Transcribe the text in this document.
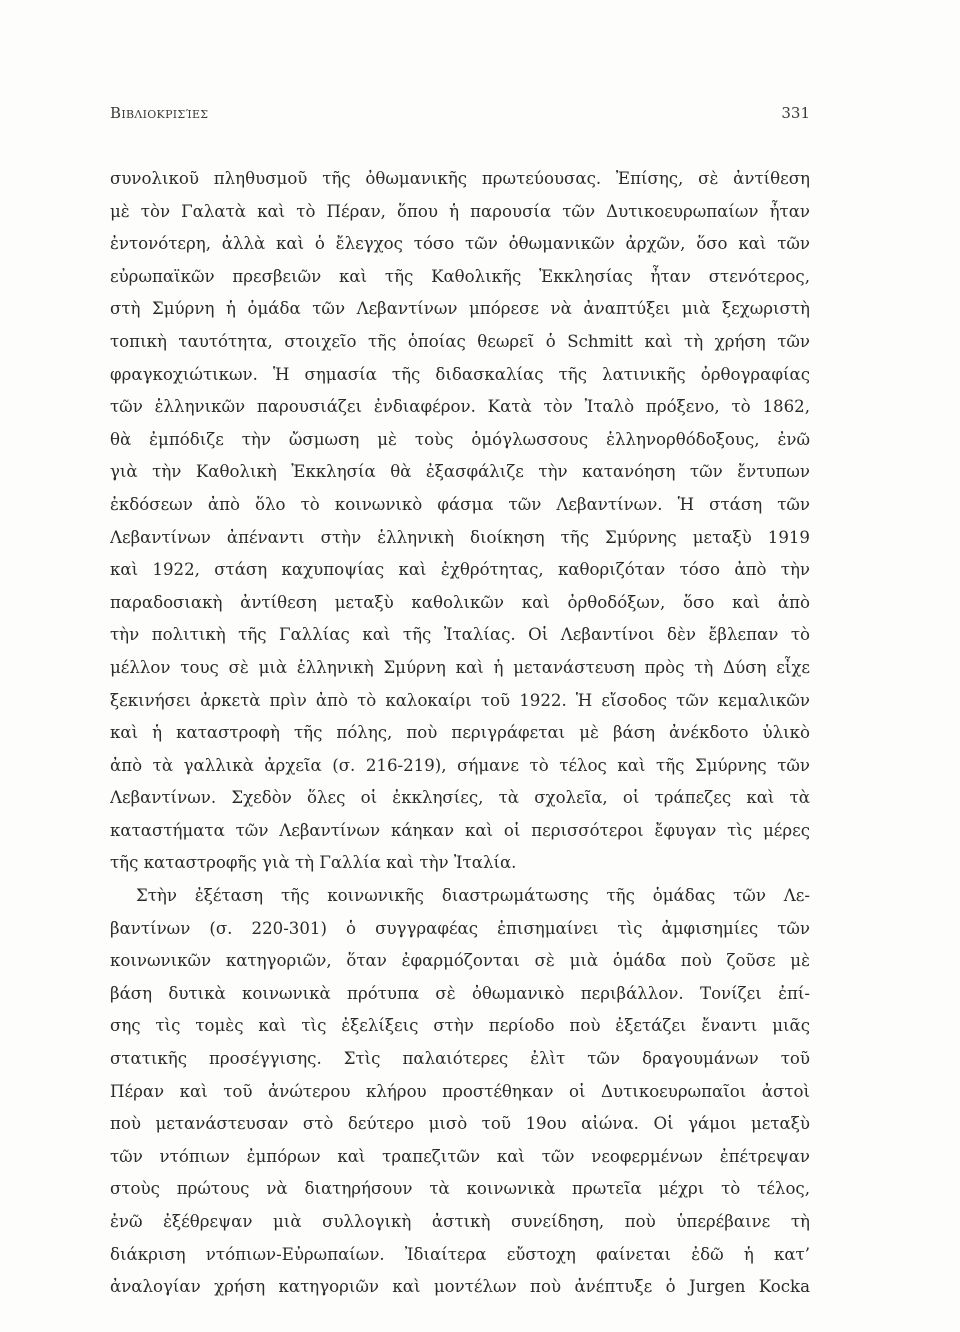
Βιβλιοκρισίες	331
συνολικοῦ πληθυσμοῦ τῆς ὀθωμανικῆς πρωτεύουσας. Ἐπίσης, σὲ ἀντίθεση
μὲ τὸν Γαλατὰ καὶ τὸ Πέραν, ὅπου ἡ παρουσία τῶν Δυτικοευρωπαίων ἦταν
ἐντονότερη, ἀλλὰ καὶ ὁ ἔλεγχος τόσο τῶν ὀθωμανικῶν ἀρχῶν, ὅσο καὶ τῶν
εὐρωπαϊκῶν πρεσβειῶν καὶ τῆς Καθολικῆς Ἐκκλησίας ἦταν στενότερος,
στὴ Σμύρνη ἡ ὁμάδα τῶν Λεβαντίνων μπόρεσε νὰ ἀναπτύξει μιὰ ξεχωριστὴ
τοπικὴ ταυτότητα, στοιχεῖο τῆς ὁποίας θεωρεῖ ὁ Schmitt καὶ τὴ χρήση τῶν
φραγκοχιώτικων. Ἡ σημασία τῆς διδασκαλίας τῆς λατινικῆς ὀρθογραφίας
τῶν ἑλληνικῶν παρουσιάζει ἐνδιαφέρον. Κατὰ τὸν Ἰταλὸ πρόξενο, τὸ 1862,
θὰ ἐμπόδιζε τὴν ὤσμωση μὲ τοὺς ὁμόγλωσσους ἑλληνορθόδοξους, ἐνῶ
γιὰ τὴν Καθολικὴ Ἐκκλησία θὰ ἐξασφάλιζε τὴν κατανόηση τῶν ἔντυπων
ἐκδόσεων ἀπὸ ὅλο τὸ κοινωνικὸ φάσμα τῶν Λεβαντίνων. Ἡ στάση τῶν
Λεβαντίνων ἀπέναντι στὴν ἑλληνικὴ διοίκηση τῆς Σμύρνης μεταξὺ 1919
καὶ 1922, στάση καχυποψίας καὶ ἐχθρότητας, καθοριζόταν τόσο ἀπὸ τὴν
παραδοσιακὴ ἀντίθεση μεταξὺ καθολικῶν καὶ ὀρθοδόξων, ὅσο καὶ ἀπὸ
τὴν πολιτικὴ τῆς Γαλλίας καὶ τῆς Ἰταλίας. Οἱ Λεβαντίνοι δὲν ἔβλεπαν τὸ
μέλλον τους σὲ μιὰ ἑλληνικὴ Σμύρνη καὶ ἡ μετανάστευση πρὸς τὴ Δύση εἶχε
ξεκινήσει ἀρκετὰ πρὶν ἀπὸ τὸ καλοκαίρι τοῦ 1922. Ἡ εἴσοδος τῶν κεμαλικῶν
καὶ ἡ καταστροφὴ τῆς πόλης, ποὺ περιγράφεται μὲ βάση ἀνέκδοτο ὑλικὸ
ἀπὸ τὰ γαλλικὰ ἀρχεῖα (σ. 216-219), σήμανε τὸ τέλος καὶ τῆς Σμύρνης τῶν
Λεβαντίνων. Σχεδὸν ὅλες οἱ ἐκκλησίες, τὰ σχολεῖα, οἱ τράπεζες καὶ τὰ
καταστήματα τῶν Λεβαντίνων κάηκαν καὶ οἱ περισσότεροι ἔφυγαν τὶς μέρες
τῆς καταστροφῆς γιὰ τὴ Γαλλία καὶ τὴν Ἰταλία.
Στὴν ἐξέταση τῆς κοινωνικῆς διαστρωμάτωσης τῆς ὁμάδας τῶν Λε-
βαντίνων (σ. 220-301) ὁ συγγραφέας ἐπισημαίνει τὶς ἀμφισημίες τῶν
κοινωνικῶν κατηγοριῶν, ὅταν ἐφαρμόζονται σὲ μιὰ ὁμάδα ποὺ ζοῦσε μὲ
βάση δυτικὰ κοινωνικὰ πρότυπα σὲ ὀθωμανικὸ περιβάλλον. Τονίζει ἐπί-
σης τὶς τομὲς καὶ τὶς ἐξελίξεις στὴν περίοδο ποὺ ἐξετάζει ἔναντι μιᾶς
στατικῆς προσέγγισης. Στὶς παλαιότερες ἐλὶτ τῶν δραγουμάνων τοῦ
Πέραν καὶ τοῦ ἀνώτερου κλήρου προστέθηκαν οἱ Δυτικοευρωπαῖοι ἀστοὶ
ποὺ μετανάστευσαν στὸ δεύτερο μισὸ τοῦ 19ου αἰώνα. Οἱ γάμοι μεταξὺ
τῶν ντόπιων ἐμπόρων καὶ τραπεζιτῶν καὶ τῶν νεοφερμένων ἐπέτρεψαν
στοὺς πρώτους νὰ διατηρήσουν τὰ κοινωνικὰ πρωτεῖα μέχρι τὸ τέλος,
ἐνῶ ἐξέθρεψαν μιὰ συλλογικὴ ἀστικὴ συνείδηση, ποὺ ὑπερέβαινε τὴ
διάκριση ντόπιων-Εὐρωπαίων. Ἰδιαίτερα εὔστοχη φαίνεται ἐδῶ ἡ κατ’
ἀναλογίαν χρήση κατηγοριῶν καὶ μοντέλων ποὺ ἀνέπτυξε ὁ Jurgen Kocka
